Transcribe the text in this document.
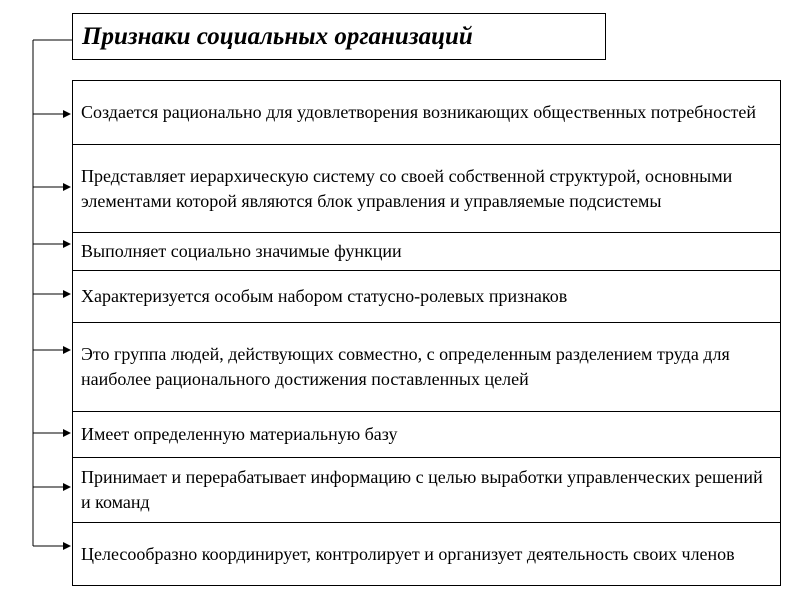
Признаки социальных организаций
Создается рационально для удовлетворения возникающих общественных потребностей
Представляет иерархическую систему со своей собственной структурой, основными элементами которой являются блок управления и управляемые подсистемы
Выполняет социально значимые функции
Характеризуется особым набором статусно-ролевых признаков
Это группа людей, действующих совместно, с определенным разделением труда для наиболее рационального достижения поставленных целей
Имеет определенную материальную базу
Принимает и перерабатывает информацию с целью выработки управленческих решений и команд
Целесообразно координирует, контролирует и организует деятельность своих членов
